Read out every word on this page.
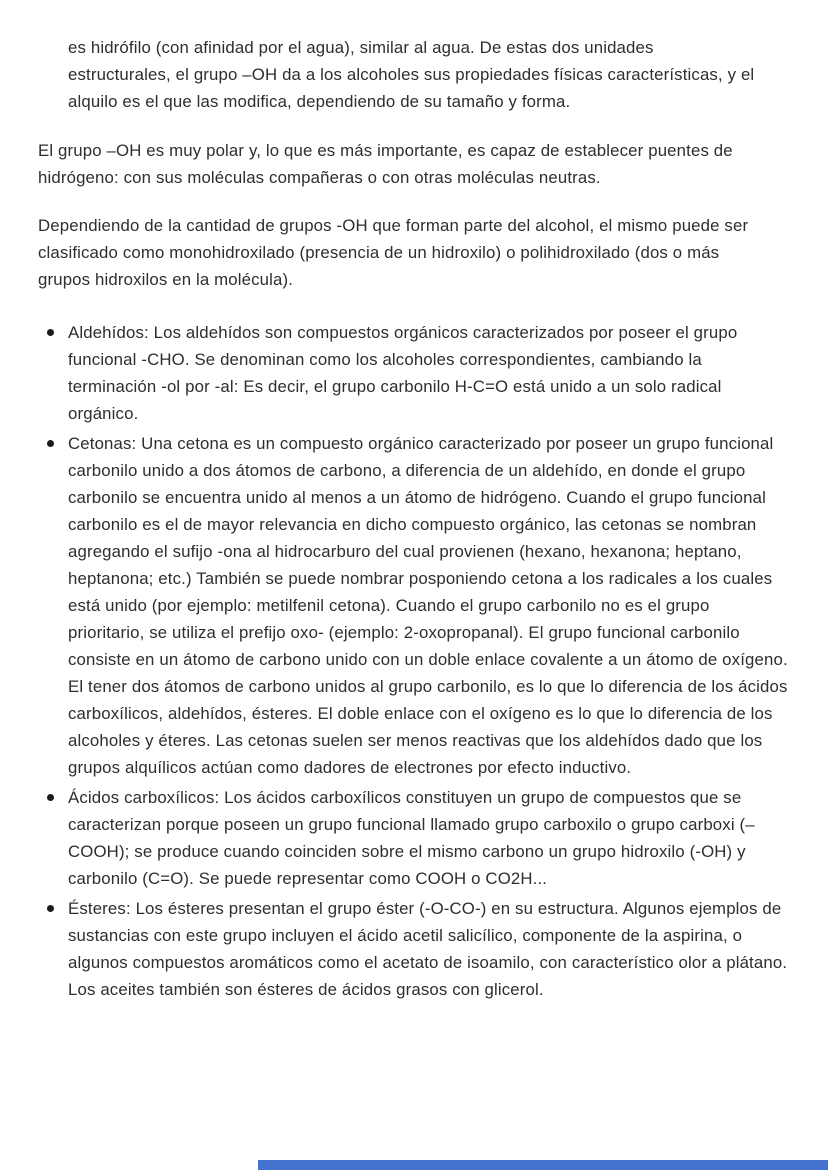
es hidrófilo (con afinidad por el agua), similar al agua. De estas dos unidades estructurales, el grupo –OH da a los alcoholes sus propiedades físicas características, y el alquilo es el que las modifica, dependiendo de su tamaño y forma.

El grupo –OH es muy polar y, lo que es más importante, es capaz de establecer puentes de hidrógeno: con sus moléculas compañeras o con otras moléculas neutras.

Dependiendo de la cantidad de grupos -OH que forman parte del alcohol, el mismo puede ser clasificado como monohidroxilado (presencia de un hidroxilo) o polihidroxilado (dos o más grupos hidroxilos en la molécula).

Aldehídos: Los aldehídos son compuestos orgánicos caracterizados por poseer el grupo funcional -CHO. Se denominan como los alcoholes correspondientes, cambiando la terminación -ol por -al: Es decir, el grupo carbonilo H-C=O está unido a un solo radical orgánico.
Cetonas: Una cetona es un compuesto orgánico caracterizado por poseer un grupo funcional carbonilo unido a dos átomos de carbono, a diferencia de un aldehído, en donde el grupo carbonilo se encuentra unido al menos a un átomo de hidrógeno. Cuando el grupo funcional carbonilo es el de mayor relevancia en dicho compuesto orgánico, las cetonas se nombran agregando el sufijo -ona al hidrocarburo del cual provienen (hexano, hexanona; heptano, heptanona; etc.) También se puede nombrar posponiendo cetona a los radicales a los cuales está unido (por ejemplo: metilfenil cetona). Cuando el grupo carbonilo no es el grupo prioritario, se utiliza el prefijo oxo- (ejemplo: 2-oxopropanal). El grupo funcional carbonilo consiste en un átomo de carbono unido con un doble enlace covalente a un átomo de oxígeno. El tener dos átomos de carbono unidos al grupo carbonilo, es lo que lo diferencia de los ácidos carboxílicos, aldehídos, ésteres. El doble enlace con el oxígeno es lo que lo diferencia de los alcoholes y éteres. Las cetonas suelen ser menos reactivas que los aldehídos dado que los grupos alquílicos actúan como dadores de electrones por efecto inductivo.
Ácidos carboxílicos: Los ácidos carboxílicos constituyen un grupo de compuestos que se caracterizan porque poseen un grupo funcional llamado grupo carboxilo o grupo carboxi (–COOH); se produce cuando coinciden sobre el mismo carbono un grupo hidroxilo (-OH) y carbonilo (C=O). Se puede representar como COOH o CO2H...
Ésteres: Los ésteres presentan el grupo éster (-O-CO-) en su estructura. Algunos ejemplos de sustancias con este grupo incluyen el ácido acetil salicílico, componente de la aspirina, o algunos compuestos aromáticos como el acetato de isoamilo, con característico olor a plátano. Los aceites también son ésteres de ácidos grasos con glicerol.
